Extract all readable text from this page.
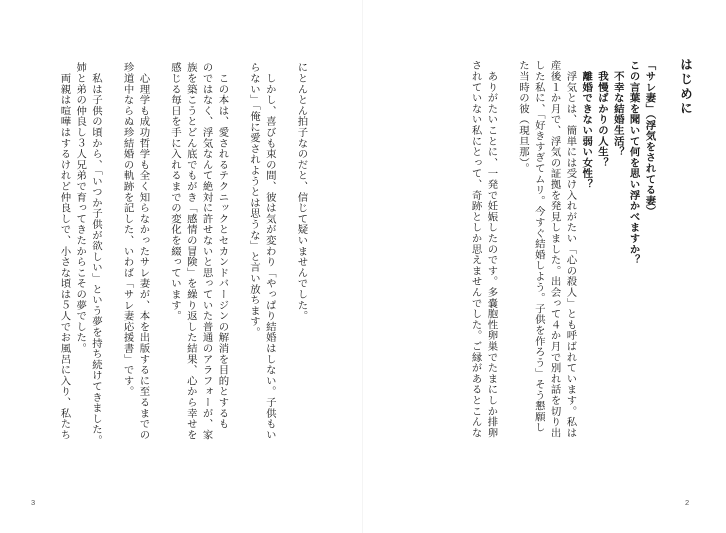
はじめに
「サレ妻」（浮気をされてる妻）
この言葉を聞いて何を思い浮かべますか？
　不幸な結婚生活？
　我慢ばかりの人生？
　離婚できない弱い女性？
　浮気とは、簡単には受け入れがたい「心の殺人」とも呼ばれています。私は
産後１か月で、浮気の証拠を発見しました。出会って４か月で別れ話を切り出
した私に、「好きすぎてムリ。今すぐ結婚しよう。子供を作ろう」そう懇願し
た当時の彼（現旦那）。
　ありがたいことに、一発で妊娠したのです。多嚢胞性卵巣でたまにしか排卵
されていない私にとって、奇跡としか思えませんでした。ご縁があるとこんな
2
にとんとん拍子なのだと、信じて疑いませんでした。
　しかし、喜びも束の間、彼は気が変わり「やっぱり結婚はしない。子供もい
らない」「俺に愛されようとは思うな」と言い放ちます。
　この本は、愛されるテクニックとセカンドバージンの解消を目的とするも
のではなく、浮気なんて絶対に許せないと思っていた普通のアラフォーが、家
族を築こうとどん底でもがき「感情の冒険」を繰り返した結果、心から幸せを
感じる毎日を手に入れるまでの変化を綴っています。
　心理学も成功哲学も全く知らなかったサレ妻が、本を出版するに至るまでの
珍道中ならぬ珍結婚の軌跡を記した、いわば「サレ妻応援書」です。
　私は子供の頃から、「いつか子供が欲しい」という夢を持ち続けてきました。
姉と弟の仲良し３人兄弟で育ってきたからこその夢でした。
　両親は喧嘩はするけれど仲良しで、小さな頃は５人でお風呂に入り、私たち
3
